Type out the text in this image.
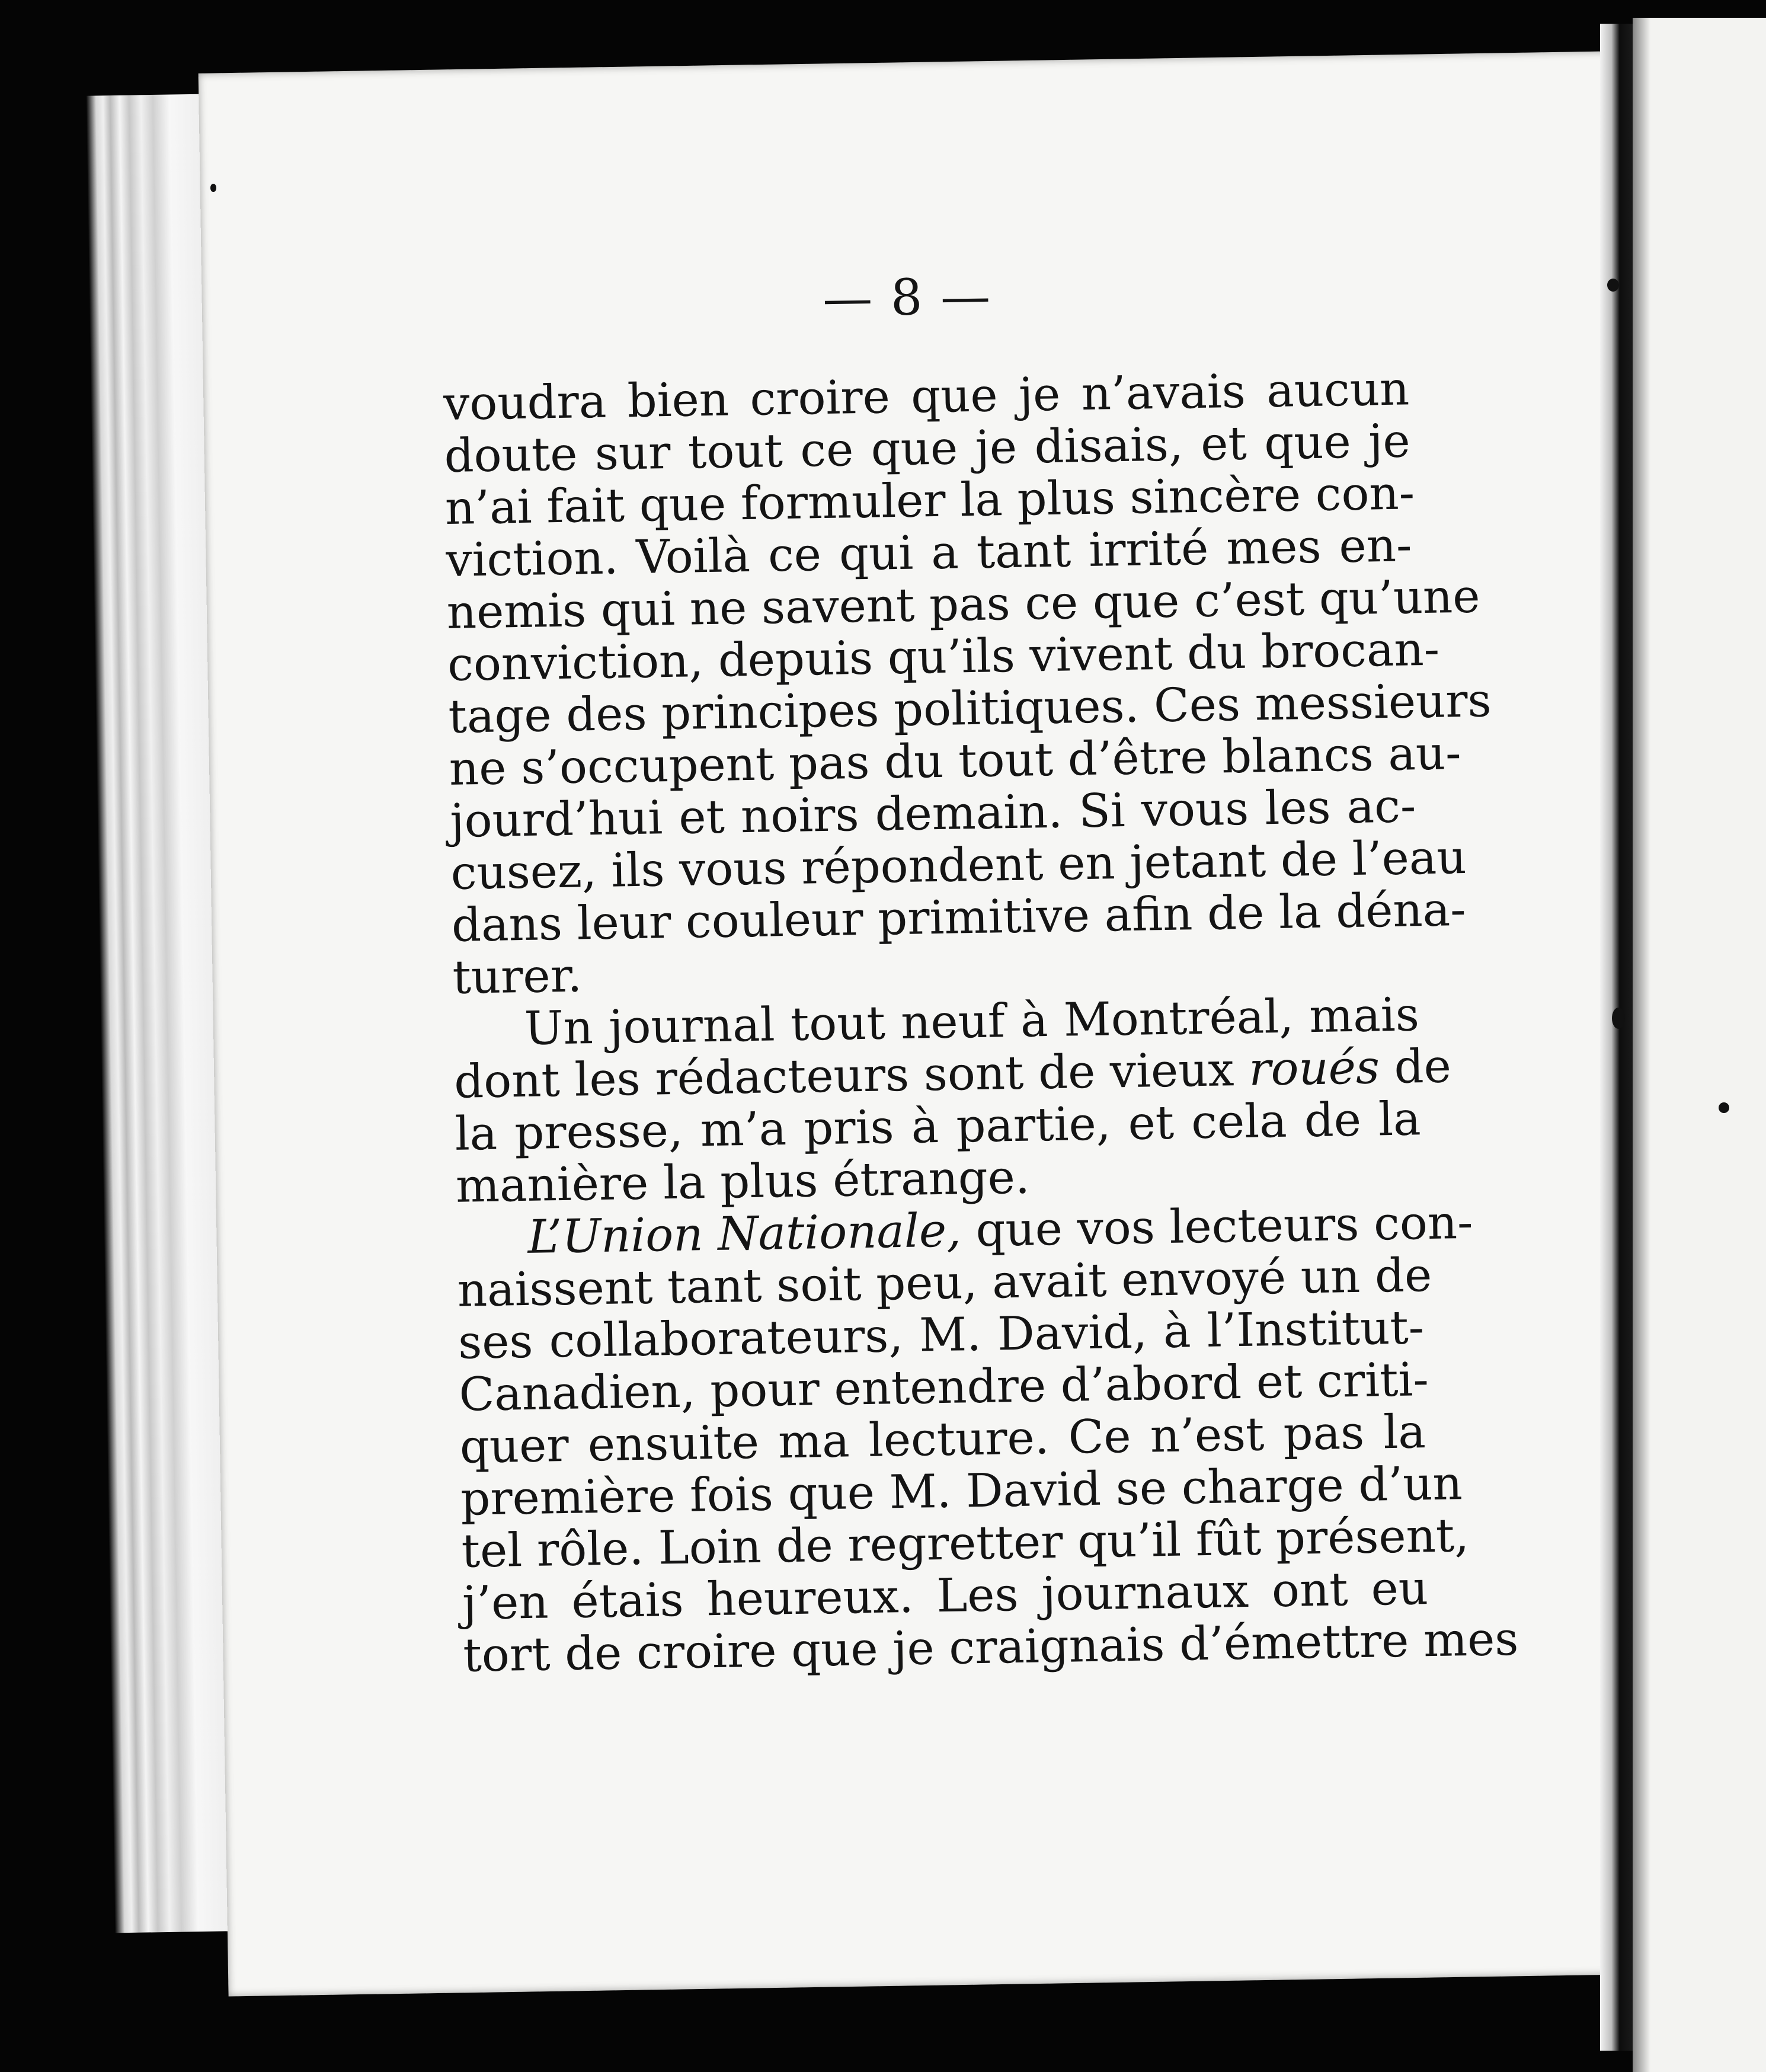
— 8 —
voudra bien croire que je n’avais aucun
doute sur tout ce que je disais, et que je
n’ai fait que formuler la plus sincère con-
viction. Voilà ce qui a tant irrité mes en-
nemis qui ne savent pas ce que c’est qu’une
conviction, depuis qu’ils vivent du brocan-
tage des principes politiques. Ces messieurs
ne s’occupent pas du tout d’être blancs au-
jourd’hui et noirs demain. Si vous les ac-
cusez, ils vous répondent en jetant de l’eau
dans leur couleur primitive afin de la déna-
turer.
Un journal tout neuf à Montréal, mais
dont les rédacteurs sont de vieux roués de
la presse, m’a pris à partie, et cela de la
manière la plus étrange.
L’Union Nationale, que vos lecteurs con-
naissent tant soit peu, avait envoyé un de
ses collaborateurs, M. David, à l’Institut-
Canadien, pour entendre d’abord et criti-
quer ensuite ma lecture. Ce n’est pas la
première fois que M. David se charge d’un
tel rôle. Loin de regretter qu’il fût présent,
j’en étais heureux. Les journaux ont eu
tort de croire que je craignais d’émettre mes
